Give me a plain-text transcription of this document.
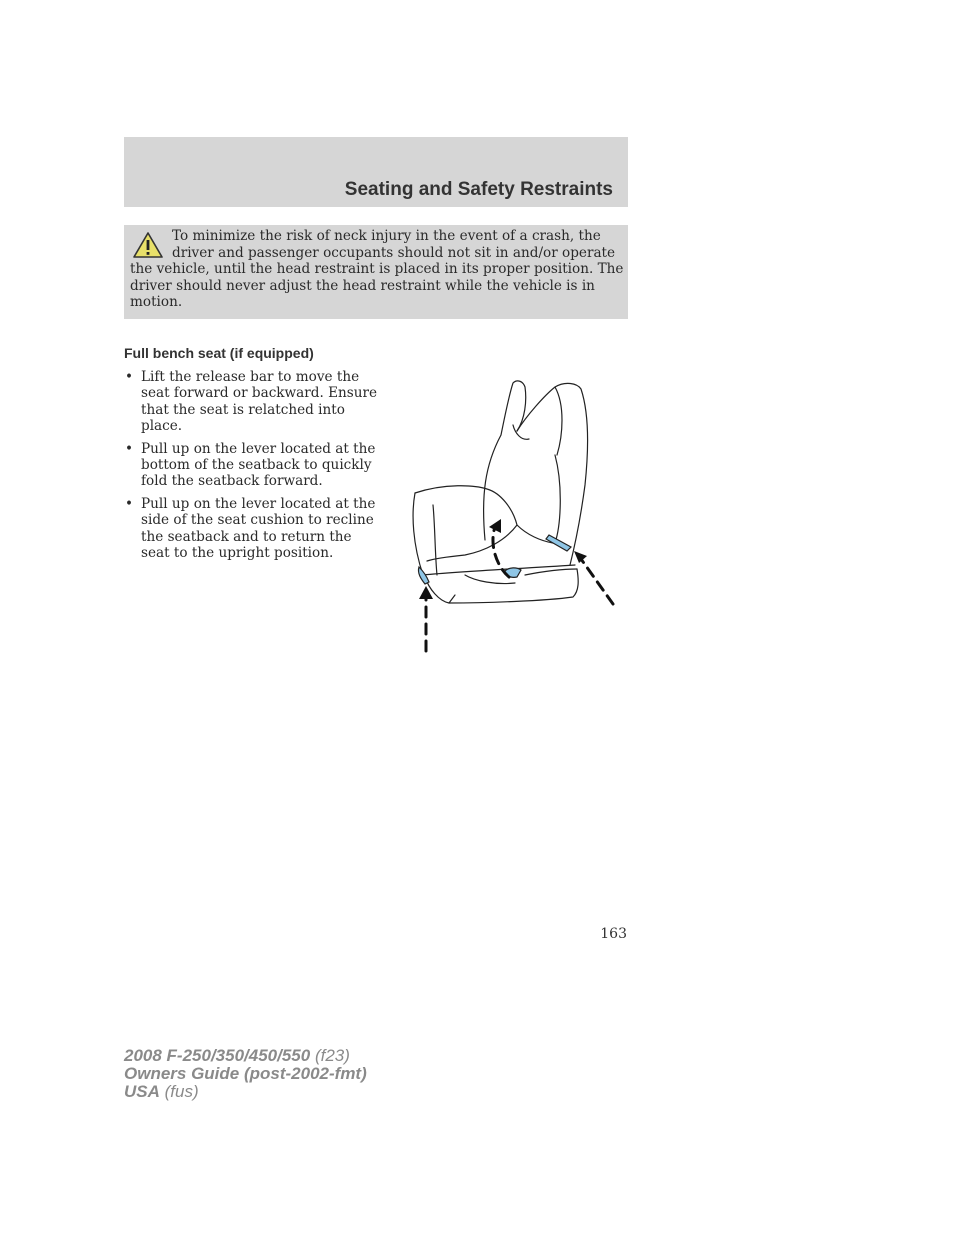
Seating and Safety Restraints

To minimize the risk of neck injury in the event of a crash, the driver and passenger occupants should not sit in and/or operate the vehicle, until the head restraint is placed in its proper position. The driver should never adjust the head restraint while the vehicle is in motion.

Full bench seat (if equipped)
• Lift the release bar to move the seat forward or backward. Ensure that the seat is relatched into place.
• Pull up on the lever located at the bottom of the seatback to quickly fold the seatback forward.
• Pull up on the lever located at the side of the seat cushion to recline the seatback and to return the seat to the upright position.

163

2008 F-250/350/450/550 (f23)
Owners Guide (post-2002-fmt)
USA (fus)
